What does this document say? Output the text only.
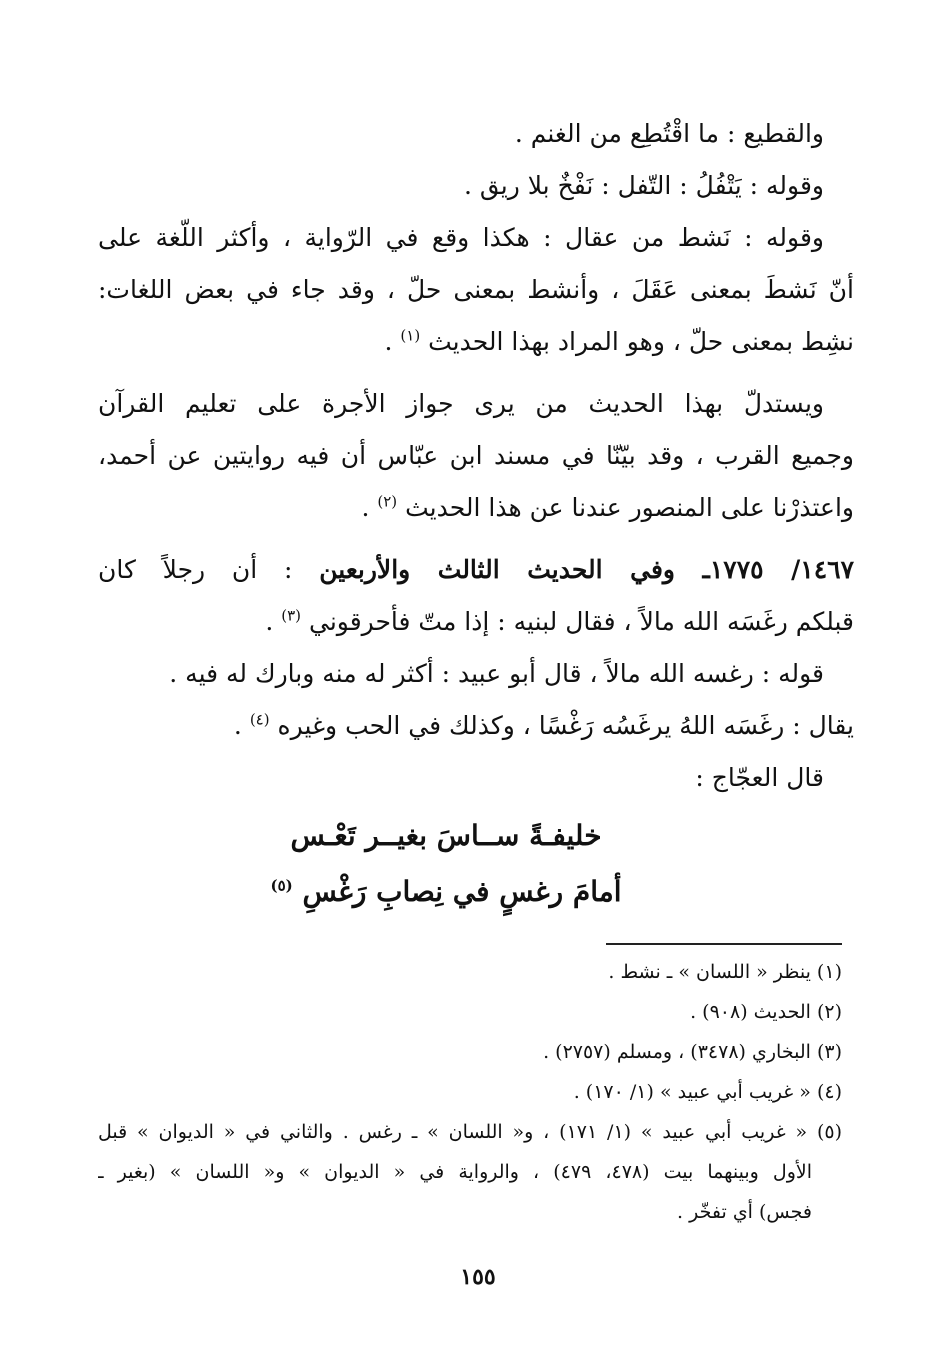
والقطيع : ما اقْتُطِع من الغنم .
وقوله : يَتْفُلُ : التّفل : نَفْخٌ بلا ريق .
وقوله : نَشط من عقال : هكذا وقع في الرّواية ، وأكثر اللّغة على
أنّ نَشطَ بمعنى عَقَلَ ، وأنشط بمعنى حلّ ، وقد جاء في بعض اللغات:
نشِط بمعنى حلّ ، وهو المراد بهذا الحديث $^{(١)}$ .
ويستدلّ بهذا الحديث من يرى جواز الأجرة على تعليم القرآن
وجميع القرب ، وقد بيّنّا في مسند ابن عبّاس أن فيه روايتين عن أحمد،
واعتذرْنا على المنصور عندنا عن هذا الحديث $^{(٢)}$ .
١٤٦٧/ ١٧٧٥ـ وفي الحديث الثالث والأربعين : أن رجلاً كان
قبلكم رغَسَه الله مالاً ، فقال لبنيه : إذا متّ فأحرقوني $^{(٣)}$ .
قوله : رغسه الله مالاً ، قال أبو عبيد : أكثر له منه وبارك له فيه .
يقال : رغَسَه اللهُ يرغَسُه رَغْسًا ، وكذلك في الحب وغيره $^{(٤)}$ .
قال العجّاج :
خليفـةً ســاسَ بغيــر تَعْـس
أمامَ رغسٍ في نِصابِ رَغْسِ $^{(٥)}$
(١) ينظر « اللسان » ـ نشط .
(٢) الحديث (٩٠٨) .
(٣) البخاري (٣٤٧٨) ، ومسلم (٢٧٥٧) .
(٤) « غريب أبي عبيد » (١/ ١٧٠) .
(٥) « غريب أبي عبيد » (١/ ١٧١) ، و« اللسان » ـ رغس . والثاني في « الديوان » قبل
الأول وبينهما بيت (٤٧٨، ٤٧٩) ، والرواية في « الديوان » و« اللسان » (بغير ـ
فجس) أي تفخّر .
١٥٥
